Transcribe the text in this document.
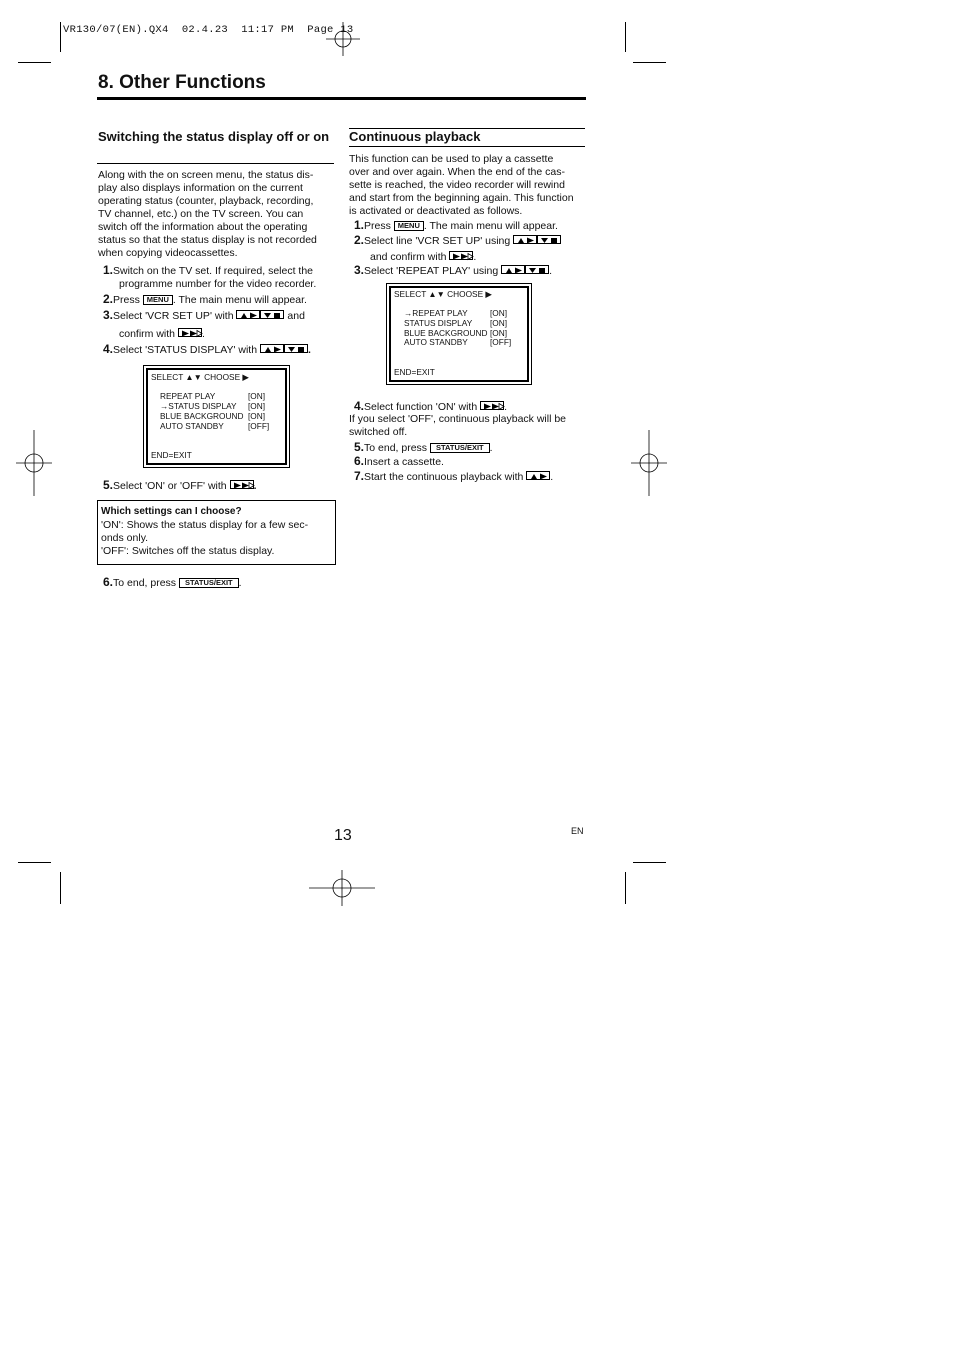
VR130/07(EN).QX4  02.4.23  11:17 PM  Page 13
8. Other Functions
Switching the status display off or on
Along with the on screen menu, the status dis-
play also displays information on the current
operating status (counter, playback, recording,
TV channel, etc.) on the TV screen. You can
switch off the information about the operating
status so that the status display is not recorded
when copying videocassettes.
1.Switch on the TV set. If required, select the
programme number for the video recorder.
2.Press MENU . The main menu will appear.
3.Select 'VCR SET UP' with	and
confirm with	.
4.Select 'STATUS DISPLAY' with	.
SELECT ▲▼ CHOOSE ▶
REPEAT PLAY	[ON]
→STATUS DISPLAY [ON]
BLUE BACKGROUND [ON]
AUTO STANDBY	[OFF]
END=EXIT
5.Select 'ON' or 'OFF' with	.
Which settings can I choose?
'ON': Shows the status display for a few sec-
onds only.
'OFF': Switches off the status display.
6.To end, press STATUS/EXIT .
Continuous playback
This function can be used to play a cassette
over and over again. When the end of the cas-
sette is reached, the video recorder will rewind
and start from the beginning again. This function
is activated or deactivated as follows.
1.Press MENU . The main menu will appear.
2.Select line 'VCR SET UP' using
and confirm with	.
3.Select 'REPEAT PLAY' using	.
SELECT ▲▼ CHOOSE ▶
→REPEAT PLAY	[ON]
STATUS DISPLAY [ON]
BLUE BACKGROUND [ON]
AUTO STANDBY	[OFF]
END=EXIT
4.Select function 'ON' with	.
If you select 'OFF', continuous playback will be
switched off.
5.To end, press STATUS/EXIT .
6.Insert a cassette.
7.Start the continuous playback with	.
13	EN
